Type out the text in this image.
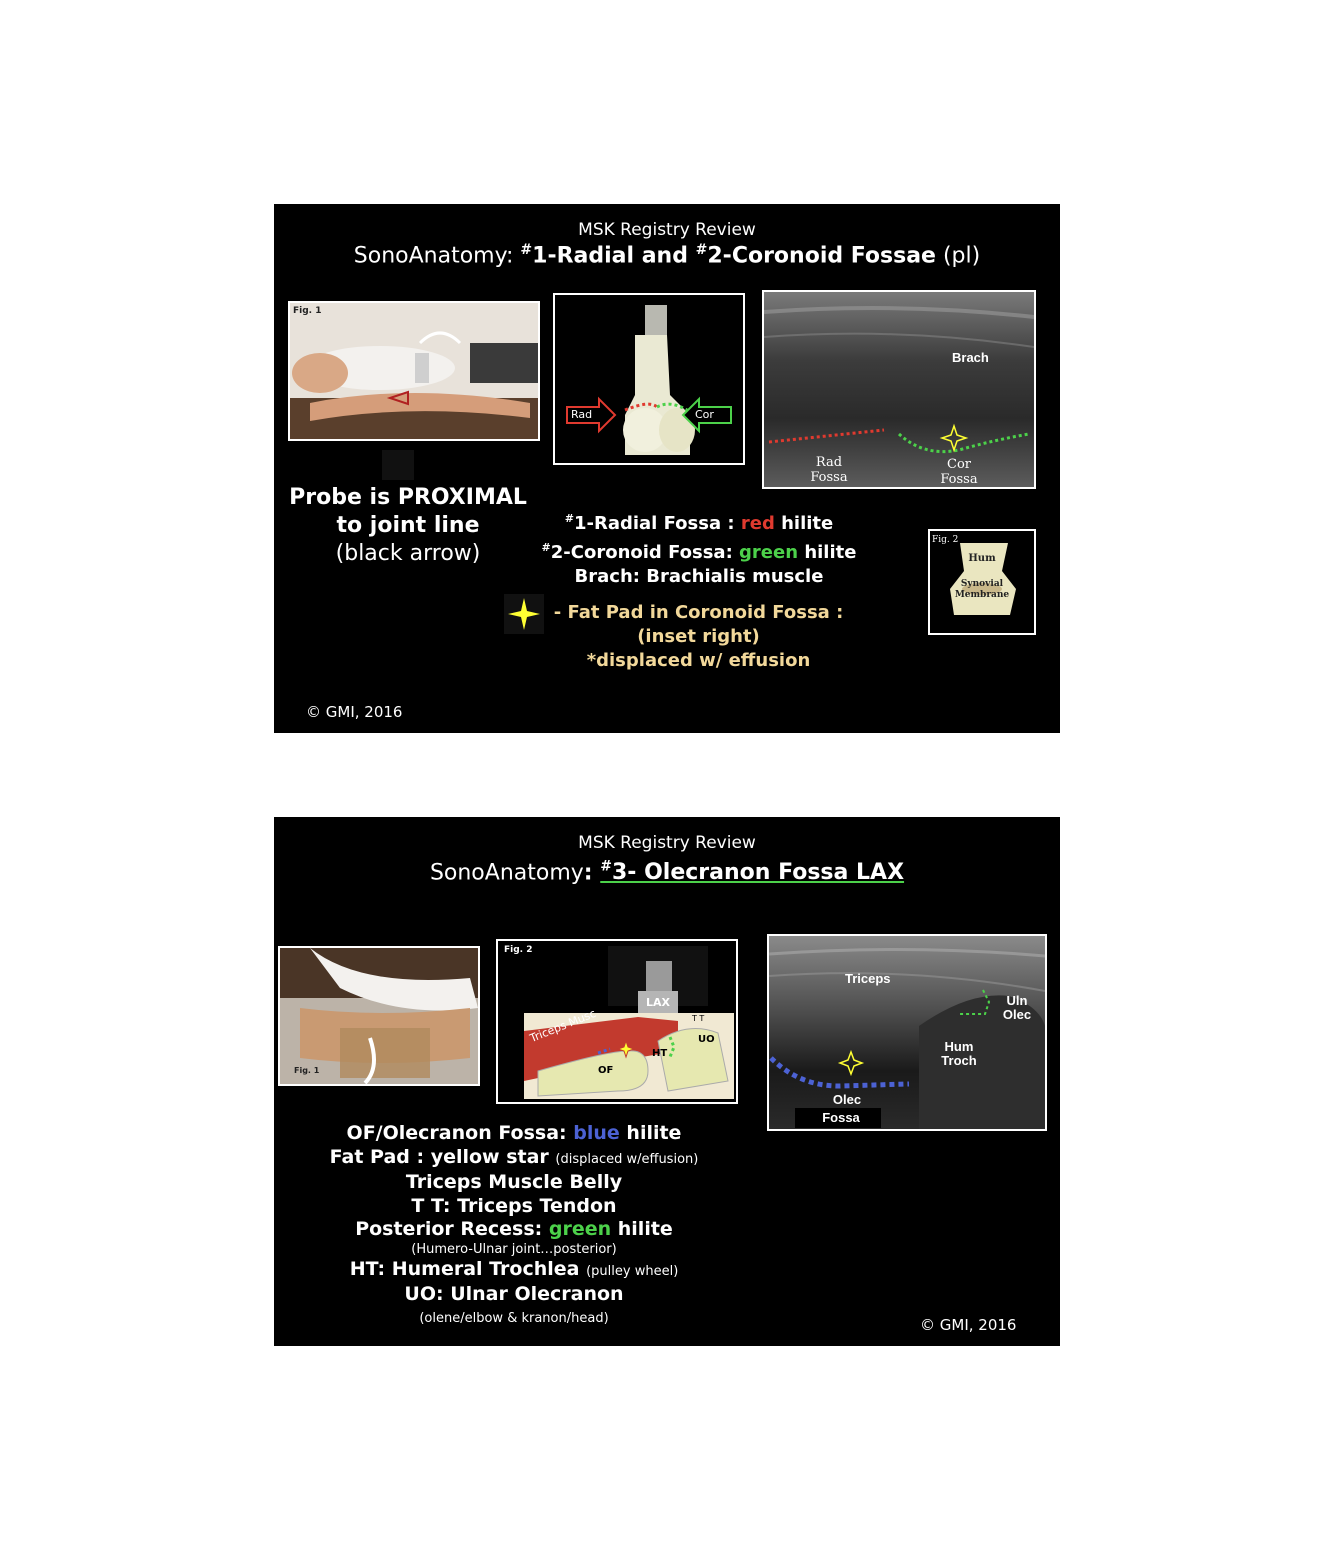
MSK Registry Review
SonoAnatomy: #1-Radial and #2-Coronoid Fossae (pl)
Fig. 1
Rad	Cor
Brach
Rad
Fossa
Cor
Fossa
Probe is PROXIMAL
to joint line
(black arrow)
#1-Radial Fossa : red hilite
#2-Coronoid Fossa: green hilite
Brach: Brachialis muscle
- Fat Pad in Coronoid Fossa :
(inset right)
*displaced w/ effusion
Fig. 2
Hum
Synovial
Membrane
© GMI, 2016
MSK Registry Review
SonoAnatomy: #3- Olecranon Fossa LAX
Fig. 1
Fig. 2
LAX
T T
Triceps Musc
HT
UO
OF
Triceps
Uln
Olec
Hum
Troch
Olec
Fossa
OF/Olecranon Fossa: blue hilite
Fat Pad : yellow star (displaced w/effusion)
Triceps Muscle Belly
T T: Triceps Tendon
Posterior Recess: green hilite
(Humero-Ulnar joint…posterior)
HT: Humeral Trochlea (pulley wheel)
UO: Ulnar Olecranon
(olene/elbow & kranon/head)	© GMI, 2016
